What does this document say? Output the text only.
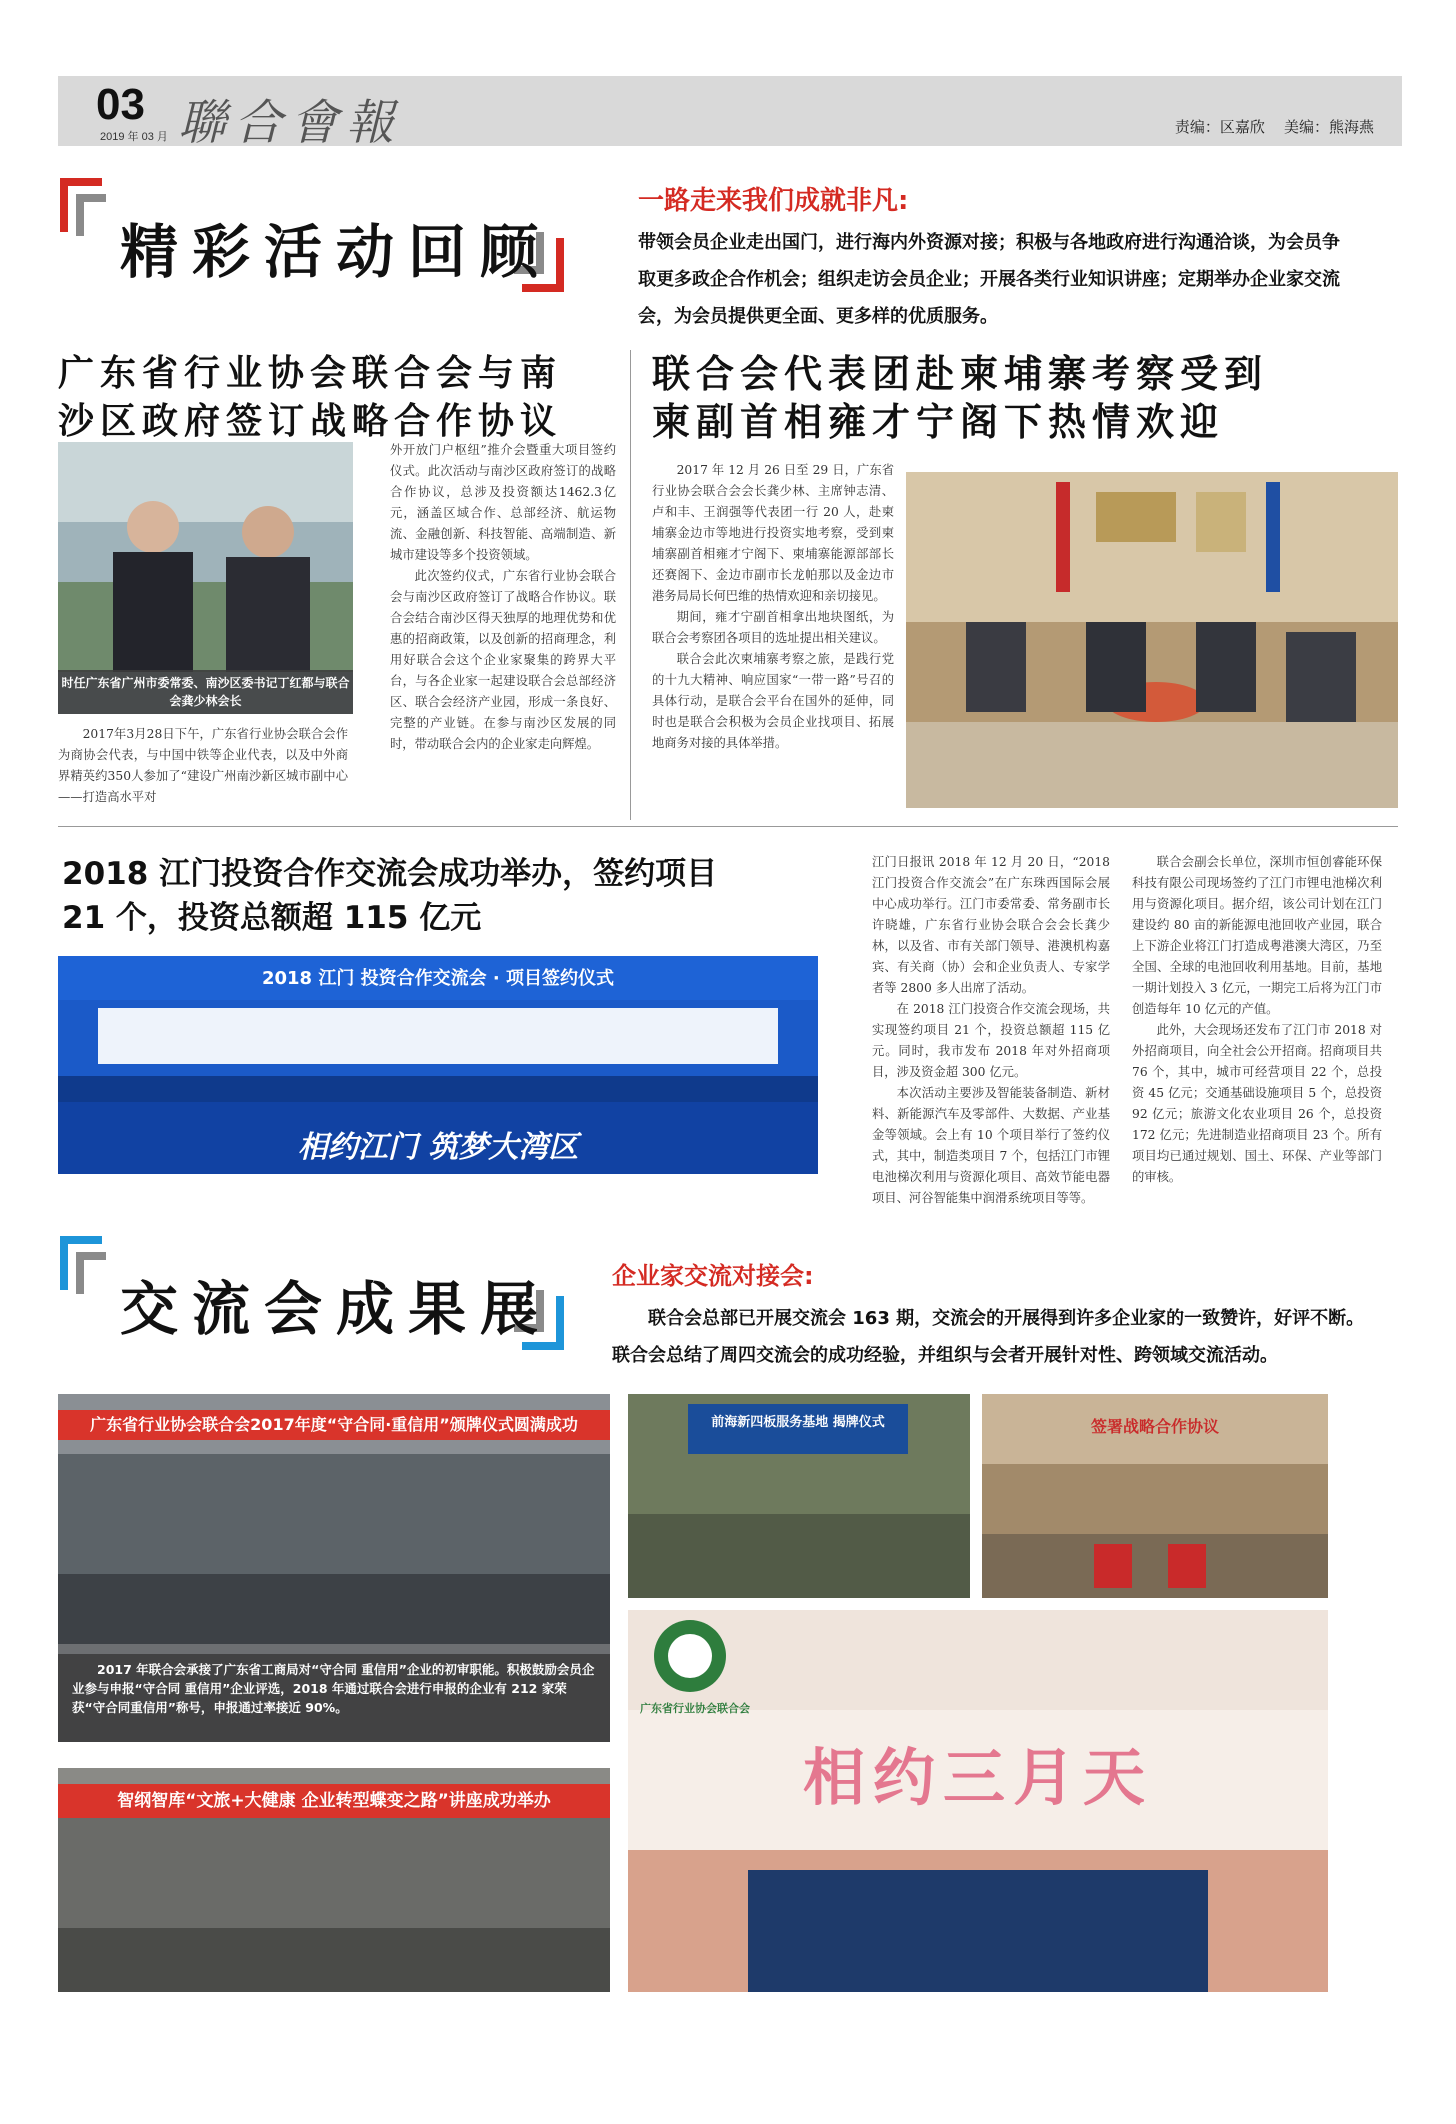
03
2019 年 03 月 聯合會報	责编：区嘉欣　 美编：熊海燕
精彩活动回顾
一路走来我们成就非凡:
带领会员企业走出国门，进行海内外资源对接；积极与各地政府进行沟通洽谈，为会员争
取更多政企合作机会；组织走访会员企业；开展各类行业知识讲座；定期举办企业家交流
会，为会员提供更全面、更多样的优质服务。
广东省行业协会联合会与南
沙区政府签订战略合作协议
时任广东省广州市委常委、南沙区委书记丁红都与联合会龚少林会长

2017年3月28日下午，广东省行业协会联合会作为商协会代表，与中国中铁等企业代表，以及中外商界精英约350人参加了“建设广州南沙新区城市副中心——打造高水平对

外开放门户枢纽”推介会暨重大项目签约仪式。此次活动与南沙区政府签订的战略合作协议，总涉及投资额达1462.3亿元，涵盖区域合作、总部经济、航运物流、金融创新、科技智能、高端制造、新城市建设等多个投资领域。

此次签约仪式，广东省行业协会联合会与南沙区政府签订了战略合作协议。联合会结合南沙区得天独厚的地理优势和优惠的招商政策，以及创新的招商理念，利用好联合会这个企业家聚集的跨界大平台，与各企业家一起建设联合会总部经济区、联合会经济产业园，形成一条良好、完整的产业链。在参与南沙区发展的同时，带动联合会内的企业家走向辉煌。

联合会代表团赴柬埔寨考察受到
柬副首相雍才宁阁下热情欢迎

2017 年 12 月 26 日至 29 日，广东省行业协会联合会会长龚少林、主席钟志清、卢和丰、王润强等代表团一行 20 人，赴柬埔寨金边市等地进行投资实地考察，受到柬埔寨副首相雍才宁阁下、柬埔寨能源部部长还赛阁下、金边市副市长龙帕那以及金边市港务局局长何巴维的热情欢迎和亲切接见。

期间，雍才宁副首相拿出地块图纸，为联合会考察团各项目的选址提出相关建议。

联合会此次柬埔寨考察之旅，是践行党的十九大精神、响应国家“一带一路”号召的具体行动，是联合会平台在国外的延伸，同时也是联合会积极为会员企业找项目、拓展地商务对接的具体举措。

2018 江门投资合作交流会成功举办，签约项目
21 个，投资总额超 115 亿元
2018 江门 投资合作交流会 · 项目签约仪式
相约江门 筑梦大湾区

江门日报讯 2018 年 12 月 20 日，“2018 江门投资合作交流会”在广东珠西国际会展中心成功举行。江门市委常委、常务副市长许晓雄，广东省行业协会联合会会长龚少林，以及省、市有关部门领导、港澳机构嘉宾、有关商（协）会和企业负责人、专家学者等 2800 多人出席了活动。

在 2018 江门投资合作交流会现场，共实现签约项目 21 个，投资总额超 115 亿元。同时，我市发布 2018 年对外招商项目，涉及资金超 300 亿元。

本次活动主要涉及智能装备制造、新材料、新能源汽车及零部件、大数据、产业基金等领域。会上有 10 个项目举行了签约仪式，其中，制造类项目 7 个，包括江门市锂电池梯次利用与资源化项目、高效节能电器项目、河谷智能集中润滑系统项目等等。

联合会副会长单位，深圳市恒创睿能环保科技有限公司现场签约了江门市锂电池梯次利用与资源化项目。据介绍，该公司计划在江门建设约 80 亩的新能源电池回收产业园，联合上下游企业将江门打造成粤港澳大湾区，乃至全国、全球的电池回收利用基地。目前，基地一期计划投入 3 亿元，一期完工后将为江门市创造每年 10 亿元的产值。

此外，大会现场还发布了江门市 2018 对外招商项目，向全社会公开招商。招商项目共 76 个，其中，城市可经营项目 22 个，总投资 45 亿元；交通基础设施项目 5 个，总投资 92 亿元；旅游文化农业项目 26 个，总投资 172 亿元；先进制造业招商项目 23 个。所有项目均已通过规划、国土、环保、产业等部门的审核。

交流会成果展 企业家交流对接会:
联合会总部已开展交流会 163 期，交流会的开展得到许多企业家的一致赞许，好评不断。
联合会总结了周四交流会的成功经验，并组织与会者开展针对性、跨领域交流活动。
广东省行业协会联合会2017年度“守合同·重信用”颁牌仪式圆满成功
2017 年联合会承接了广东省工商局对“守合同 重信用”企业的初审职能。积极鼓励会员企业参与申报“守合同 重信用”企业评选，2018 年通过联合会进行申报的企业有 212 家荣获“守合同重信用”称号，申报通过率接近 90%。
前海新四板服务基地 揭牌仪式	签署战略合作协议
智纲智库“文旅+大健康 企业转型蝶变之路”讲座成功举办
广东省行业协会联合会
相约三月天
